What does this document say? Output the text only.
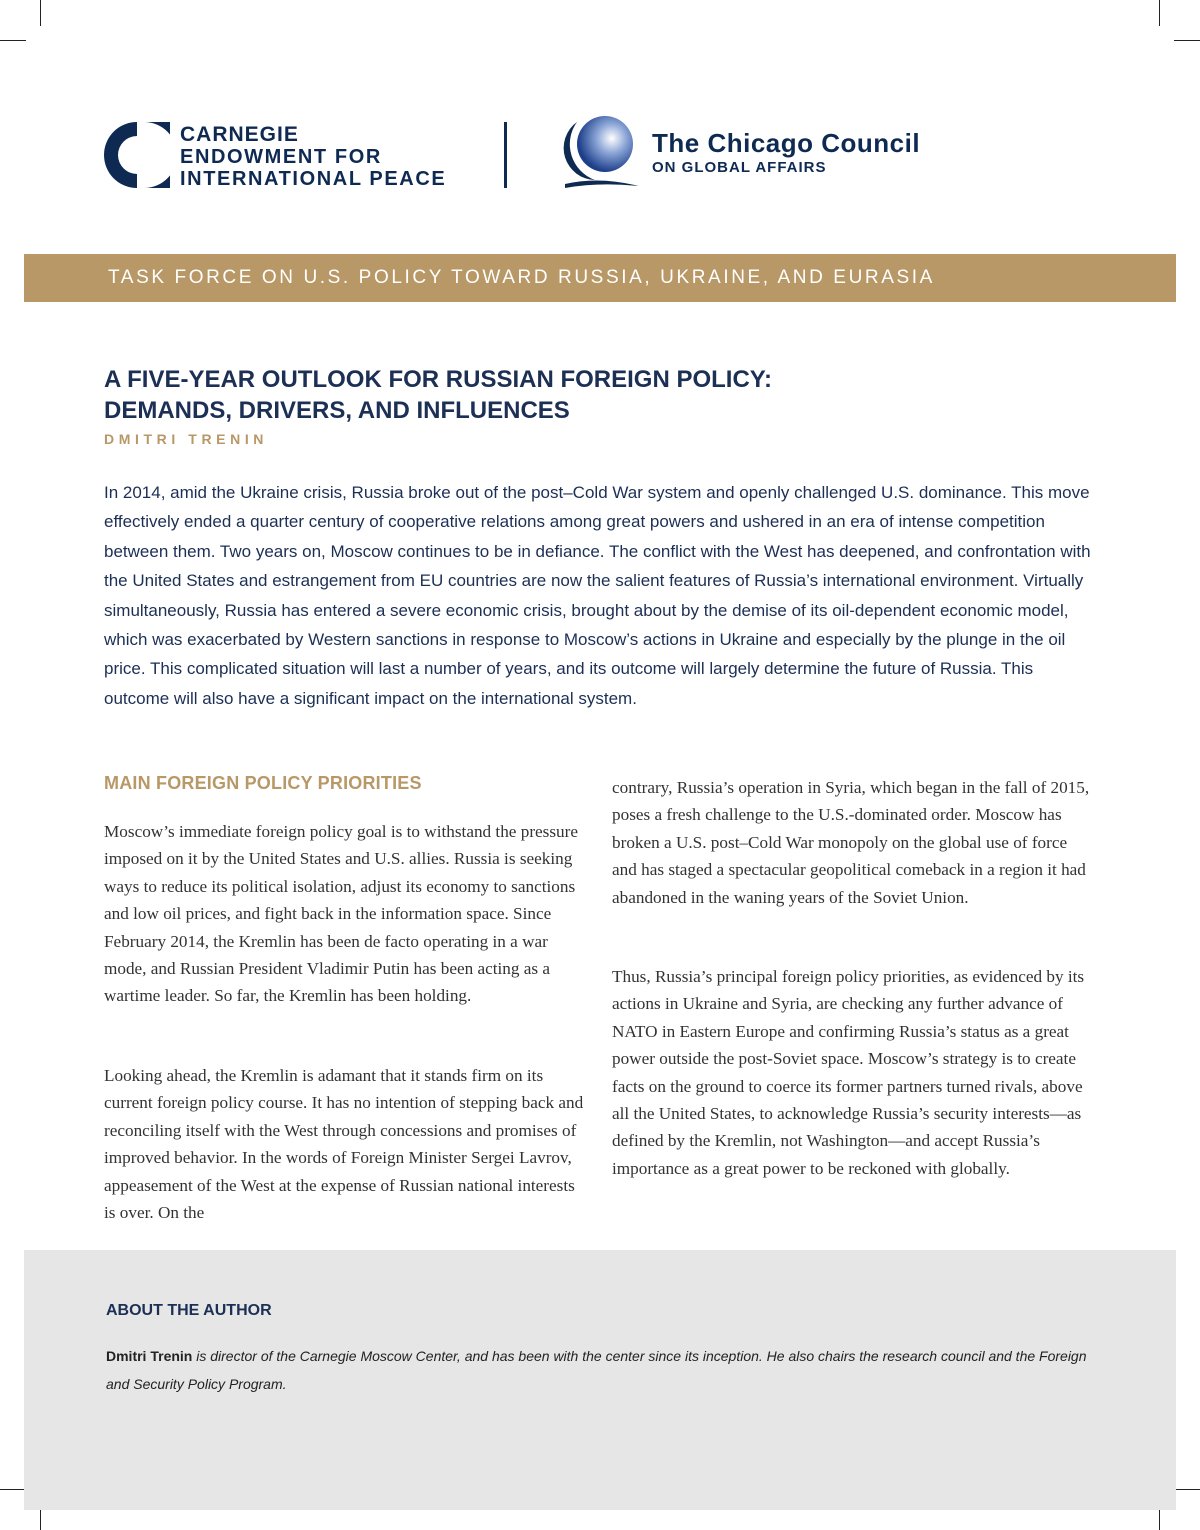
CARNEGIE
ENDOWMENT FOR
INTERNATIONAL PEACE
The Chicago Council
ON GLOBAL AFFAIRS
TASK FORCE ON U.S. POLICY TOWARD RUSSIA, UKRAINE, AND EURASIA
A FIVE-YEAR OUTLOOK FOR RUSSIAN FOREIGN POLICY:
DEMANDS, DRIVERS, AND INFLUENCES
DMITRI TRENIN

In 2014, amid the Ukraine crisis, Russia broke out of the post–Cold War system and openly challenged U.S. dominance. This move effectively ended a quarter century of cooperative relations among great powers and ushered in an era of intense competition between them. Two years on, Moscow continues to be in defiance. The conflict with the West has deepened, and confrontation with the United States and estrangement from EU countries are now the salient features of Russia’s international environment. Virtually simultaneously, Russia has entered a severe economic crisis, brought about by the demise of its oil-dependent economic model, which was exacerbated by Western sanctions in response to Moscow’s actions in Ukraine and especially by the plunge in the oil price. This complicated situation will last a number of years, and its outcome will largely determine the future of Russia. This outcome will also have a significant impact on the international system.

MAIN FOREIGN POLICY PRIORITIES

Moscow’s immediate foreign policy goal is to withstand the pressure imposed on it by the United States and U.S. allies. Russia is seeking ways to reduce its political isolation, adjust its economy to sanctions and low oil prices, and fight back in the information space. Since February 2014, the Kremlin has been de facto operating in a war mode, and Russian President Vladimir Putin has been acting as a wartime leader. So far, the Kremlin has been holding.

Looking ahead, the Kremlin is adamant that it stands firm on its current foreign policy course. It has no intention of stepping back and reconciling itself with the West through concessions and promises of improved behavior. In the words of Foreign Minister Sergei Lavrov, appeasement of the West at the expense of Russian national interests is over. On the

contrary, Russia’s operation in Syria, which began in the fall of 2015, poses a fresh challenge to the U.S.-dominated order. Moscow has broken a U.S. post–Cold War monopoly on the global use of force and has staged a spectacular geopolitical comeback in a region it had abandoned in the waning years of the Soviet Union.

Thus, Russia’s principal foreign policy priorities, as evidenced by its actions in Ukraine and Syria, are checking any further advance of NATO in Eastern Europe and confirming Russia’s status as a great power outside the post-Soviet space. Moscow’s strategy is to create facts on the ground to coerce its former partners turned rivals, above all the United States, to acknowledge Russia’s security interests—as defined by the Kremlin, not Washington—and accept Russia’s importance as a great power to be reckoned with globally.

ABOUT THE AUTHOR

Dmitri Trenin is director of the Carnegie Moscow Center, and has been with the center since its inception. He also chairs the research council and the Foreign and Security Policy Program.
